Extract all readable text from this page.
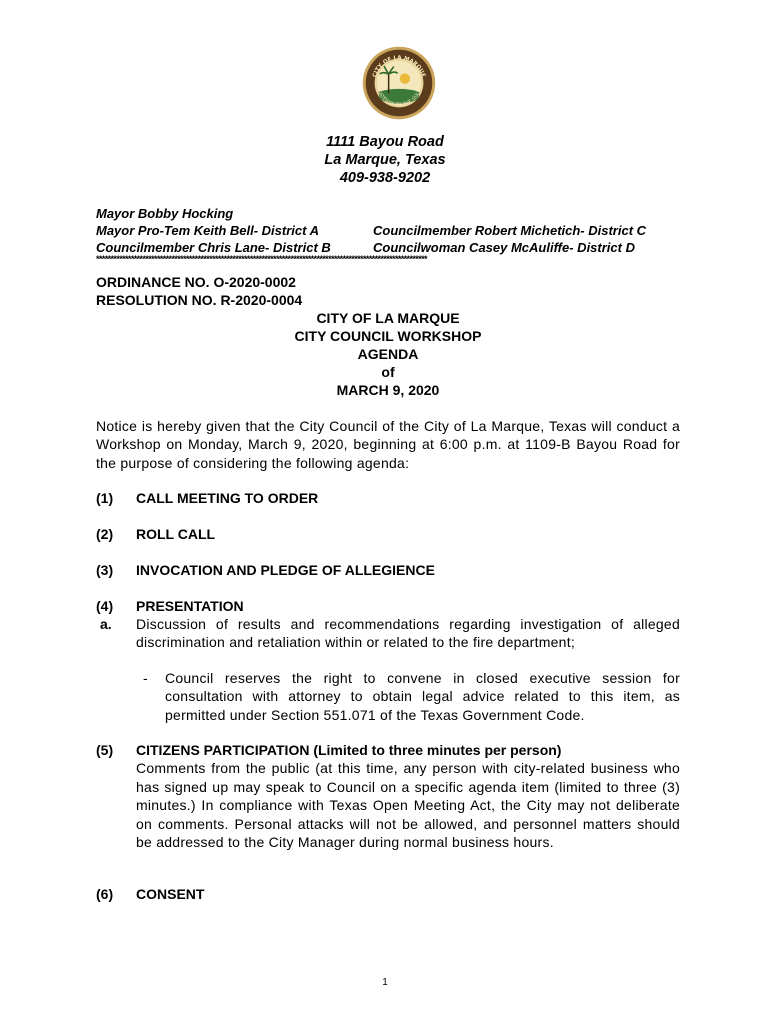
CITY OF LA MARQUE
GATEWAY TO THE GULF
1111 Bayou Road
La Marque, Texas
409-938-9202
Mayor Bobby Hocking
Mayor Pro-Tem Keith Bell- District A	Councilmember Robert Michetich- District C
Councilmember Chris Lane- District B	Councilwoman Casey McAuliffe- District D
******************************************************************************************************************
ORDINANCE NO. O-2020-0002
RESOLUTION NO. R-2020-0004
CITY OF LA MARQUE
CITY COUNCIL WORKSHOP
AGENDA
of
MARCH 9, 2020
Notice is hereby given that the City Council of the City of La Marque, Texas will conduct a Workshop on Monday, March 9, 2020, beginning at 6:00 p.m. at 1109-B Bayou Road for the purpose of considering the following agenda:
(1) CALL MEETING TO ORDER
(2) ROLL CALL
(3) INVOCATION AND PLEDGE OF ALLEGIENCE
(4) PRESENTATION
a. Discussion of results and recommendations regarding investigation of alleged discrimination and retaliation within or related to the fire department;
- Council reserves the right to convene in closed executive session for consultation with attorney to obtain legal advice related to this item, as permitted under Section 551.071 of the Texas Government Code.
(5) CITIZENS PARTICIPATION (Limited to three minutes per person)
Comments from the public (at this time, any person with city-related business who has signed up may speak to Council on a specific agenda item (limited to three (3) minutes.) In compliance with Texas Open Meeting Act, the City may not deliberate on comments. Personal attacks will not be allowed, and personnel matters should be addressed to the City Manager during normal business hours.
(6) CONSENT
1
